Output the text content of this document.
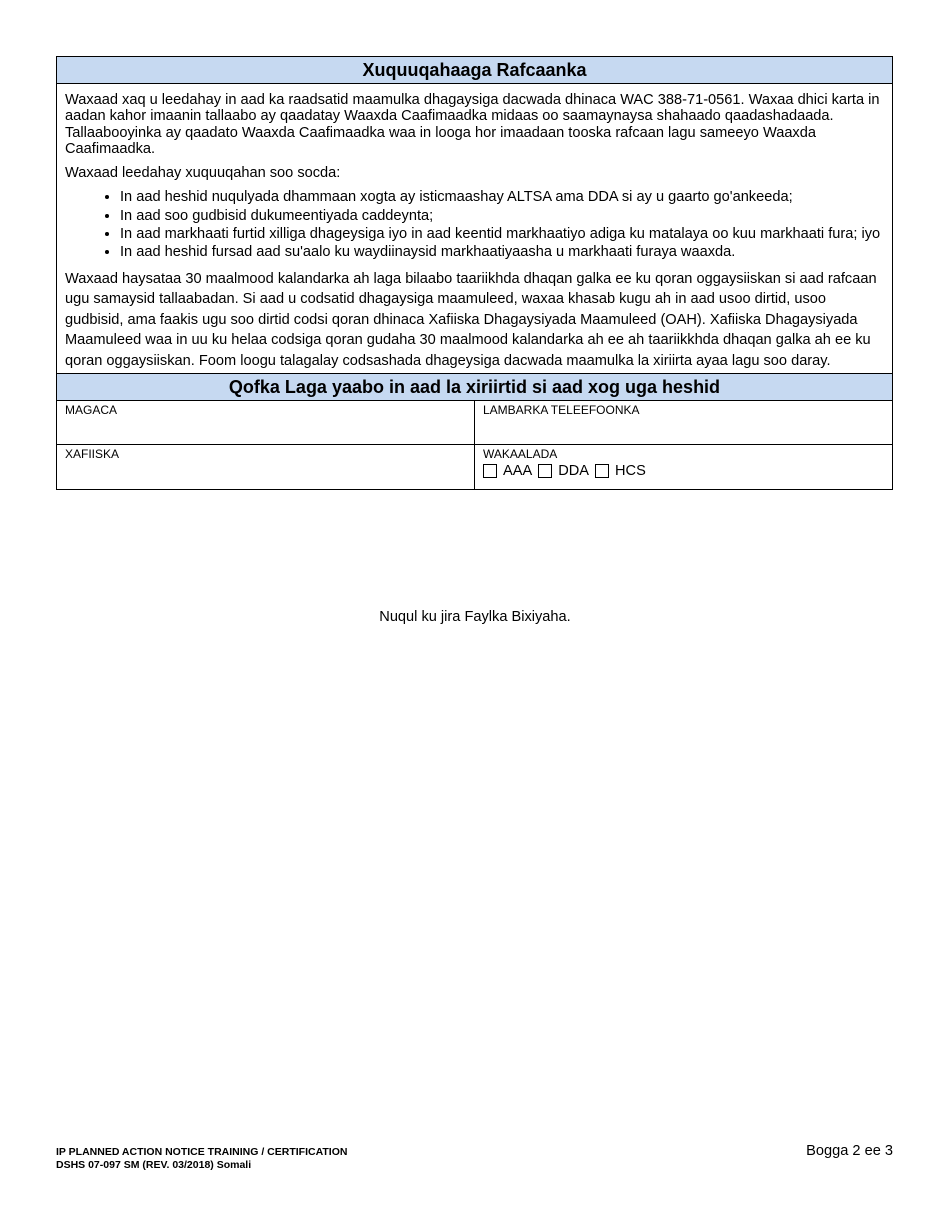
Xuquuqahaaga Rafcaanka

Waxaad xaq u leedahay in aad ka raadsatid maamulka dhagaysiga dacwada dhinaca WAC 388-71-0561. Waxaa dhici karta in aadan kahor imaanin tallaabo ay qaadatay Waaxda Caafimaadka midaas oo saamaynaysa shahaado qaadashadaada. Tallaabooyinka ay qaadato Waaxda Caafimaadka waa in looga hor imaadaan tooska rafcaan lagu sameeyo Waaxda Caafimaadka.

Waxaad leedahay xuquuqahan soo socda:

• In aad heshid nuqulyada dhammaan xogta ay isticmaashay ALTSA ama DDA si ay u gaarto go'ankeeda;
• In aad soo gudbisid dukumeentiyada caddeynta;
• In aad markhaati furtid xilliga dhageysiga iyo in aad keentid markhaatiyo adiga ku matalaya oo kuu markhaati fura; iyo
• In aad heshid fursad aad su'aalo ku waydiinaysid markhaatiyaasha u markhaati furaya waaxda.

Waxaad haysataa 30 maalmood kalandarka ah laga bilaabo taariikhda dhaqan galka ee ku qoran oggaysiiskan si aad rafcaan ugu samaysid tallaabadan. Si aad u codsatid dhagaysiga maamuleed, waxaa khasab kugu ah in aad usoo dirtid, usoo gudbisid, ama faakis ugu soo dirtid codsi qoran dhinaca Xafiiska Dhagaysiyada Maamuleed (OAH). Xafiiska Dhagaysiyada Maamuleed waa in uu ku helaa codsiga qoran gudaha 30 maalmood kalandarka ah ee ah taariikkhda dhaqan galka ah ee ku qoran oggaysiiskan. Foom loogu talagalay codsashada dhageysiga dacwada maamulka la xiriirta ayaa lagu soo daray.

Qofka Laga yaabo in aad la xiriirtid si aad xog uga heshid
MAGACA	LAMBARKA TELEEFOONKA
XAFIISKA	WAKAALADA
AAA DDA HCS
Nuqul ku jira Faylka Bixiyaha.
IP PLANNED ACTION NOTICE TRAINING / CERTIFICATION
DSHS 07-097 SM (REV. 03/2018) Somali
Bogga 2 ee 3
